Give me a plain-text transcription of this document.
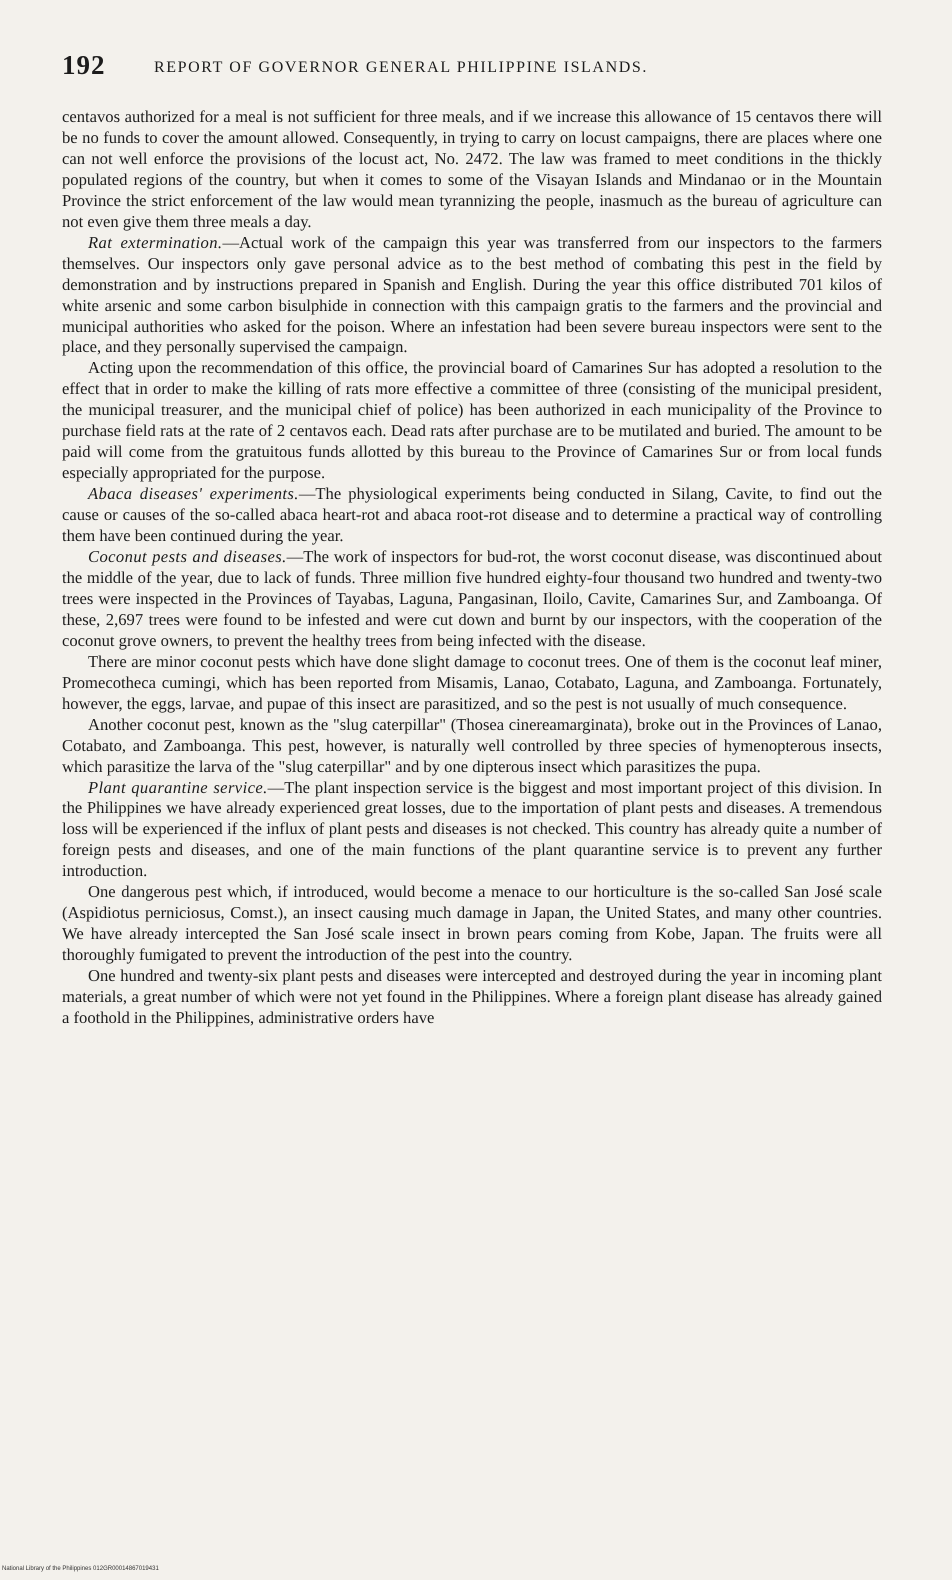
192	REPORT OF GOVERNOR GENERAL PHILIPPINE ISLANDS.

centavos authorized for a meal is not sufficient for three meals, and if we increase this allowance of 15 centavos there will be no funds to cover the amount allowed. Consequently, in trying to carry on locust campaigns, there are places where one can not well enforce the provisions of the locust act, No. 2472. The law was framed to meet conditions in the thickly populated regions of the country, but when it comes to some of the Visayan Islands and Mindanao or in the Mountain Province the strict enforcement of the law would mean tyrannizing the people, inasmuch as the bureau of agriculture can not even give them three meals a day.

Rat extermination.—Actual work of the campaign this year was transferred from our inspectors to the farmers themselves. Our inspectors only gave personal advice as to the best method of combating this pest in the field by demonstration and by instructions prepared in Spanish and English. During the year this office distributed 701 kilos of white arsenic and some carbon bisulphide in connection with this campaign gratis to the farmers and the provincial and municipal authorities who asked for the poison. Where an infestation had been severe bureau inspectors were sent to the place, and they personally supervised the campaign.

Acting upon the recommendation of this office, the provincial board of Camarines Sur has adopted a resolution to the effect that in order to make the killing of rats more effective a committee of three (consisting of the municipal president, the municipal treasurer, and the municipal chief of police) has been authorized in each municipality of the Province to purchase field rats at the rate of 2 centavos each. Dead rats after purchase are to be mutilated and buried. The amount to be paid will come from the gratuitous funds allotted by this bureau to the Province of Camarines Sur or from local funds especially appropriated for the purpose.

Abaca diseases' experiments.—The physiological experiments being conducted in Silang, Cavite, to find out the cause or causes of the so-called abaca heart-rot and abaca root-rot disease and to determine a practical way of controlling them have been continued during the year.

Coconut pests and diseases.—The work of inspectors for bud-rot, the worst coconut disease, was discontinued about the middle of the year, due to lack of funds. Three million five hundred eighty-four thousand two hundred and twenty-two trees were inspected in the Provinces of Tayabas, Laguna, Pangasinan, Iloilo, Cavite, Camarines Sur, and Zamboanga. Of these, 2,697 trees were found to be infested and were cut down and burnt by our inspectors, with the cooperation of the coconut grove owners, to prevent the healthy trees from being infected with the disease.

There are minor coconut pests which have done slight damage to coconut trees. One of them is the coconut leaf miner, Promecotheca cumingi, which has been reported from Misamis, Lanao, Cotabato, Laguna, and Zamboanga. Fortunately, however, the eggs, larvae, and pupae of this insect are parasitized, and so the pest is not usually of much consequence.

Another coconut pest, known as the "slug caterpillar" (Thosea cinereamarginata), broke out in the Provinces of Lanao, Cotabato, and Zamboanga. This pest, however, is naturally well controlled by three species of hymenopterous insects, which parasitize the larva of the "slug caterpillar" and by one dipterous insect which parasitizes the pupa.

Plant quarantine service.—The plant inspection service is the biggest and most important project of this division. In the Philippines we have already experienced great losses, due to the importation of plant pests and diseases. A tremendous loss will be experienced if the influx of plant pests and diseases is not checked. This country has already quite a number of foreign pests and diseases, and one of the main functions of the plant quarantine service is to prevent any further introduction.

One dangerous pest which, if introduced, would become a menace to our horticulture is the so-called San José scale (Aspidiotus perniciosus, Comst.), an insect causing much damage in Japan, the United States, and many other countries. We have already intercepted the San José scale insect in brown pears coming from Kobe, Japan. The fruits were all thoroughly fumigated to prevent the introduction of the pest into the country.

One hundred and twenty-six plant pests and diseases were intercepted and destroyed during the year in incoming plant materials, a great number of which were not yet found in the Philippines. Where a foreign plant disease has already gained a foothold in the Philippines, administrative orders have

National Library of the Philippines 012GR00014867019431
